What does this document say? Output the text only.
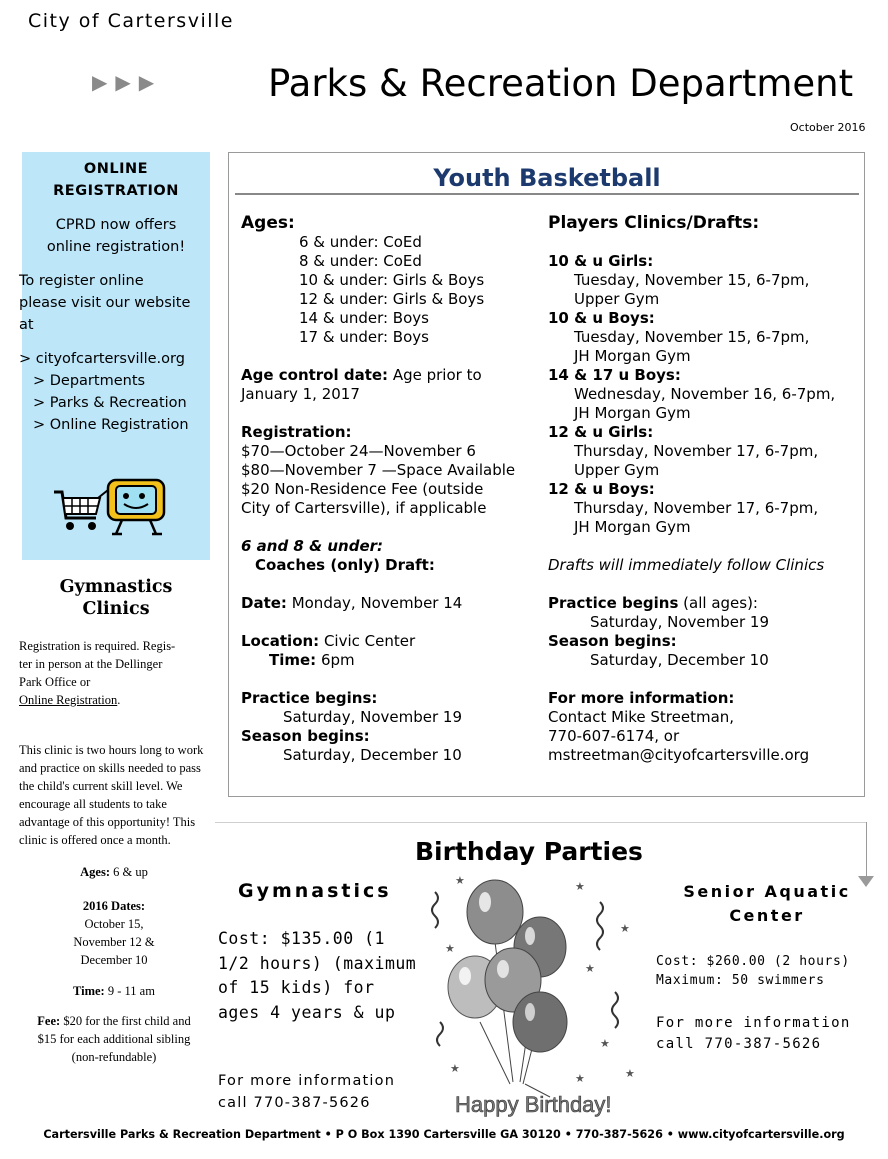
City of Cartersville
▶▶▶	Parks & Recreation Department
October 2016
ONLINE
REGISTRATION
CPRD now offers
online registration!
To register online
please visit our website
at
> cityofcartersville.org
> Departments
> Parks & Recreation
> Online Registration
Gymnastics
Clinics
Registration is required. Regis-
ter in person at the Dellinger
Park Office or
Online Registration.
This clinic is two hours long to work and practice on skills needed to pass the child's current skill level. We encourage all students to take advantage of this opportunity! This clinic is offered once a month.
Ages: 6 & up
2016 Dates:
October 15,
November 12 &
December 10
Time: 9 - 11 am
Fee: $20 for the first child and
$15 for each additional sibling
(non-refundable)
Youth Basketball
Ages:
6 & under: CoEd
8 & under: CoEd
10 & under: Girls & Boys
12 & under: Girls & Boys
14 & under: Boys
17 & under: Boys
Age control date: Age prior to
January 1, 2017
Registration:
$70—October 24—November 6
$80—November 7 —Space Available
$20 Non-Residence Fee (outside
City of Cartersville), if applicable
6 and 8 & under:
Coaches (only) Draft:
Date: Monday, November 14
Location: Civic Center
Time: 6pm
Practice begins:
Saturday, November 19
Season begins:
Saturday, December 10
Players Clinics/Drafts:
10 & u Girls:
Tuesday, November 15, 6-7pm,
Upper Gym
10 & u Boys:
Tuesday, November 15, 6-7pm,
JH Morgan Gym
14 & 17 u Boys:
Wednesday, November 16, 6-7pm,
JH Morgan Gym
12 & u Girls:
Thursday, November 17, 6-7pm,
Upper Gym
12 & u Boys:
Thursday, November 17, 6-7pm,
JH Morgan Gym
Drafts will immediately follow Clinics
Practice begins (all ages):
Saturday, November 19
Season begins:
Saturday, December 10
For more information:
Contact Mike Streetman,
770-607-6174, or
mstreetman@cityofcartersville.org
Birthday Parties
Gymnastics
Cost: $135.00 (1 1/2 hours) (maximum of 15 kids) for ages 4 years & up
For more information
call 770-387-5626
★	★
★
★
★
★
★
★	★
Happy Birthday!
Senior Aquatic
Center
Cost: $260.00 (2 hours)
Maximum: 50 swimmers
For more information
call 770-387-5626
Cartersville Parks & Recreation Department • P O Box 1390 Cartersville GA 30120 • 770-387-5626 • www.cityofcartersville.org
